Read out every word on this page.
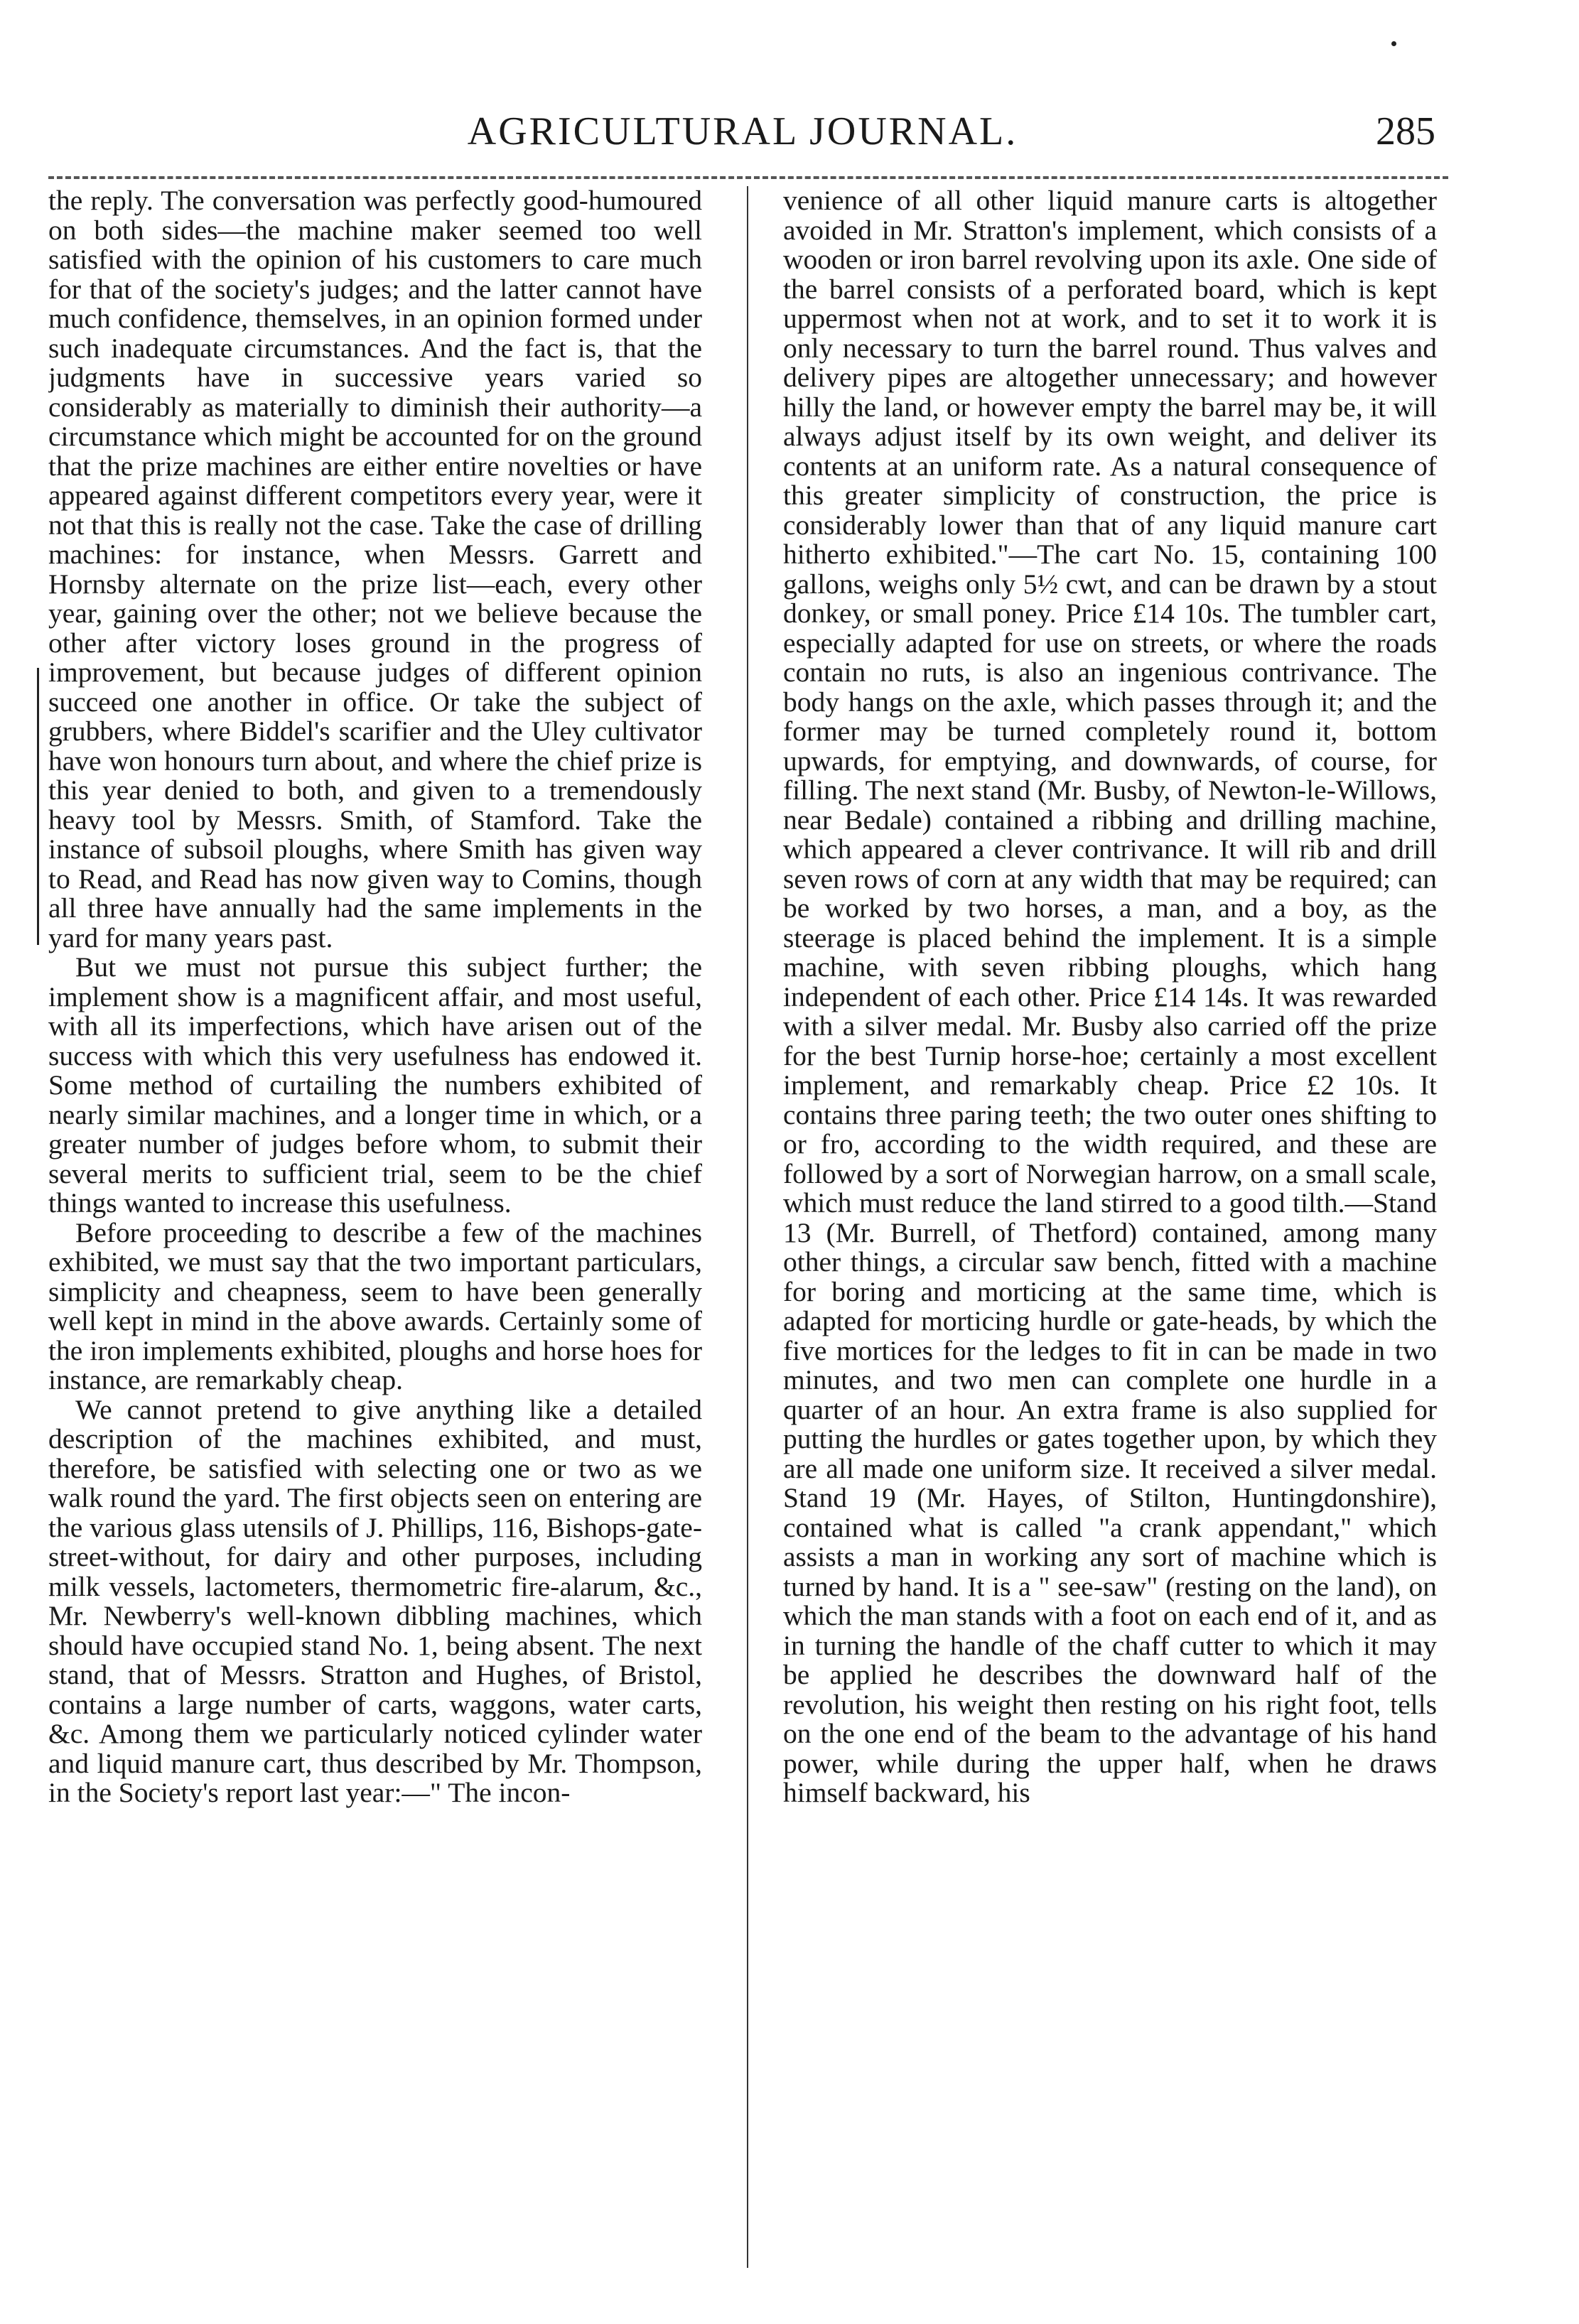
AGRICULTURAL JOURNAL.	285

the reply. The conversation was perfectly good-humoured on both sides—the machine maker seemed too well satisfied with the opinion of his customers to care much for that of the society's judges; and the latter cannot have much confidence, themselves, in an opinion formed under such inadequate circumstances. And the fact is, that the judgments have in successive years varied so considerably as materially to diminish their authority—a circumstance which might be accounted for on the ground that the prize machines are either entire novelties or have appeared against different competitors every year, were it not that this is really not the case. Take the case of drilling machines: for instance, when Messrs. Garrett and Hornsby alternate on the prize list—each, every other year, gaining over the other; not we believe because the other after victory loses ground in the progress of improvement, but because judges of different opinion succeed one another in office. Or take the subject of grubbers, where Biddel's scarifier and the Uley cultivator have won honours turn about, and where the chief prize is this year denied to both, and given to a tremendously heavy tool by Messrs. Smith, of Stamford. Take the instance of subsoil ploughs, where Smith has given way to Read, and Read has now given way to Comins, though all three have annually had the same implements in the yard for many years past.

But we must not pursue this subject further; the implement show is a magnificent affair, and most useful, with all its imperfections, which have arisen out of the success with which this very usefulness has endowed it. Some method of curtailing the numbers exhibited of nearly similar machines, and a longer time in which, or a greater number of judges before whom, to submit their several merits to sufficient trial, seem to be the chief things wanted to increase this usefulness.

Before proceeding to describe a few of the machines exhibited, we must say that the two important particulars, simplicity and cheapness, seem to have been generally well kept in mind in the above awards. Certainly some of the iron implements exhibited, ploughs and horse hoes for instance, are remarkably cheap.

We cannot pretend to give anything like a detailed description of the machines exhibited, and must, therefore, be satisfied with selecting one or two as we walk round the yard. The first objects seen on entering are the various glass utensils of J. Phillips, 116, Bishops-gate-street-without, for dairy and other purposes, including milk vessels, lactometers, thermometric fire-alarum, &c., Mr. Newberry's well-known dibbling machines, which should have occupied stand No. 1, being absent. The next stand, that of Messrs. Stratton and Hughes, of Bristol, contains a large number of carts, waggons, water carts, &c. Among them we particularly noticed cylinder water and liquid manure cart, thus described by Mr. Thompson, in the Society's report last year:—" The incon-

venience of all other liquid manure carts is altogether avoided in Mr. Stratton's implement, which consists of a wooden or iron barrel revolving upon its axle. One side of the barrel consists of a perforated board, which is kept uppermost when not at work, and to set it to work it is only necessary to turn the barrel round. Thus valves and delivery pipes are altogether unnecessary; and however hilly the land, or however empty the barrel may be, it will always adjust itself by its own weight, and deliver its contents at an uniform rate. As a natural consequence of this greater simplicity of construction, the price is considerably lower than that of any liquid manure cart hitherto exhibited."—The cart No. 15, containing 100 gallons, weighs only 5½ cwt, and can be drawn by a stout donkey, or small poney. Price £14 10s. The tumbler cart, especially adapted for use on streets, or where the roads contain no ruts, is also an ingenious contrivance. The body hangs on the axle, which passes through it; and the former may be turned completely round it, bottom upwards, for emptying, and downwards, of course, for filling. The next stand (Mr. Busby, of Newton-le-Willows, near Bedale) contained a ribbing and drilling machine, which appeared a clever contrivance. It will rib and drill seven rows of corn at any width that may be required; can be worked by two horses, a man, and a boy, as the steerage is placed behind the implement. It is a simple machine, with seven ribbing ploughs, which hang independent of each other. Price £14 14s. It was rewarded with a silver medal. Mr. Busby also carried off the prize for the best Turnip horse-hoe; certainly a most excellent implement, and remarkably cheap. Price £2 10s. It contains three paring teeth; the two outer ones shifting to or fro, according to the width required, and these are followed by a sort of Norwegian harrow, on a small scale, which must reduce the land stirred to a good tilth.—Stand 13 (Mr. Burrell, of Thetford) contained, among many other things, a circular saw bench, fitted with a machine for boring and morticing at the same time, which is adapted for morticing hurdle or gate-heads, by which the five mortices for the ledges to fit in can be made in two minutes, and two men can complete one hurdle in a quarter of an hour. An extra frame is also supplied for putting the hurdles or gates together upon, by which they are all made one uniform size. It received a silver medal. Stand 19 (Mr. Hayes, of Stilton, Huntingdonshire), contained what is called "a crank appendant," which assists a man in working any sort of machine which is turned by hand. It is a " see-saw" (resting on the land), on which the man stands with a foot on each end of it, and as in turning the handle of the chaff cutter to which it may be applied he describes the downward half of the revolution, his weight then resting on his right foot, tells on the one end of the beam to the advantage of his hand power, while during the upper half, when he draws himself backward, his
